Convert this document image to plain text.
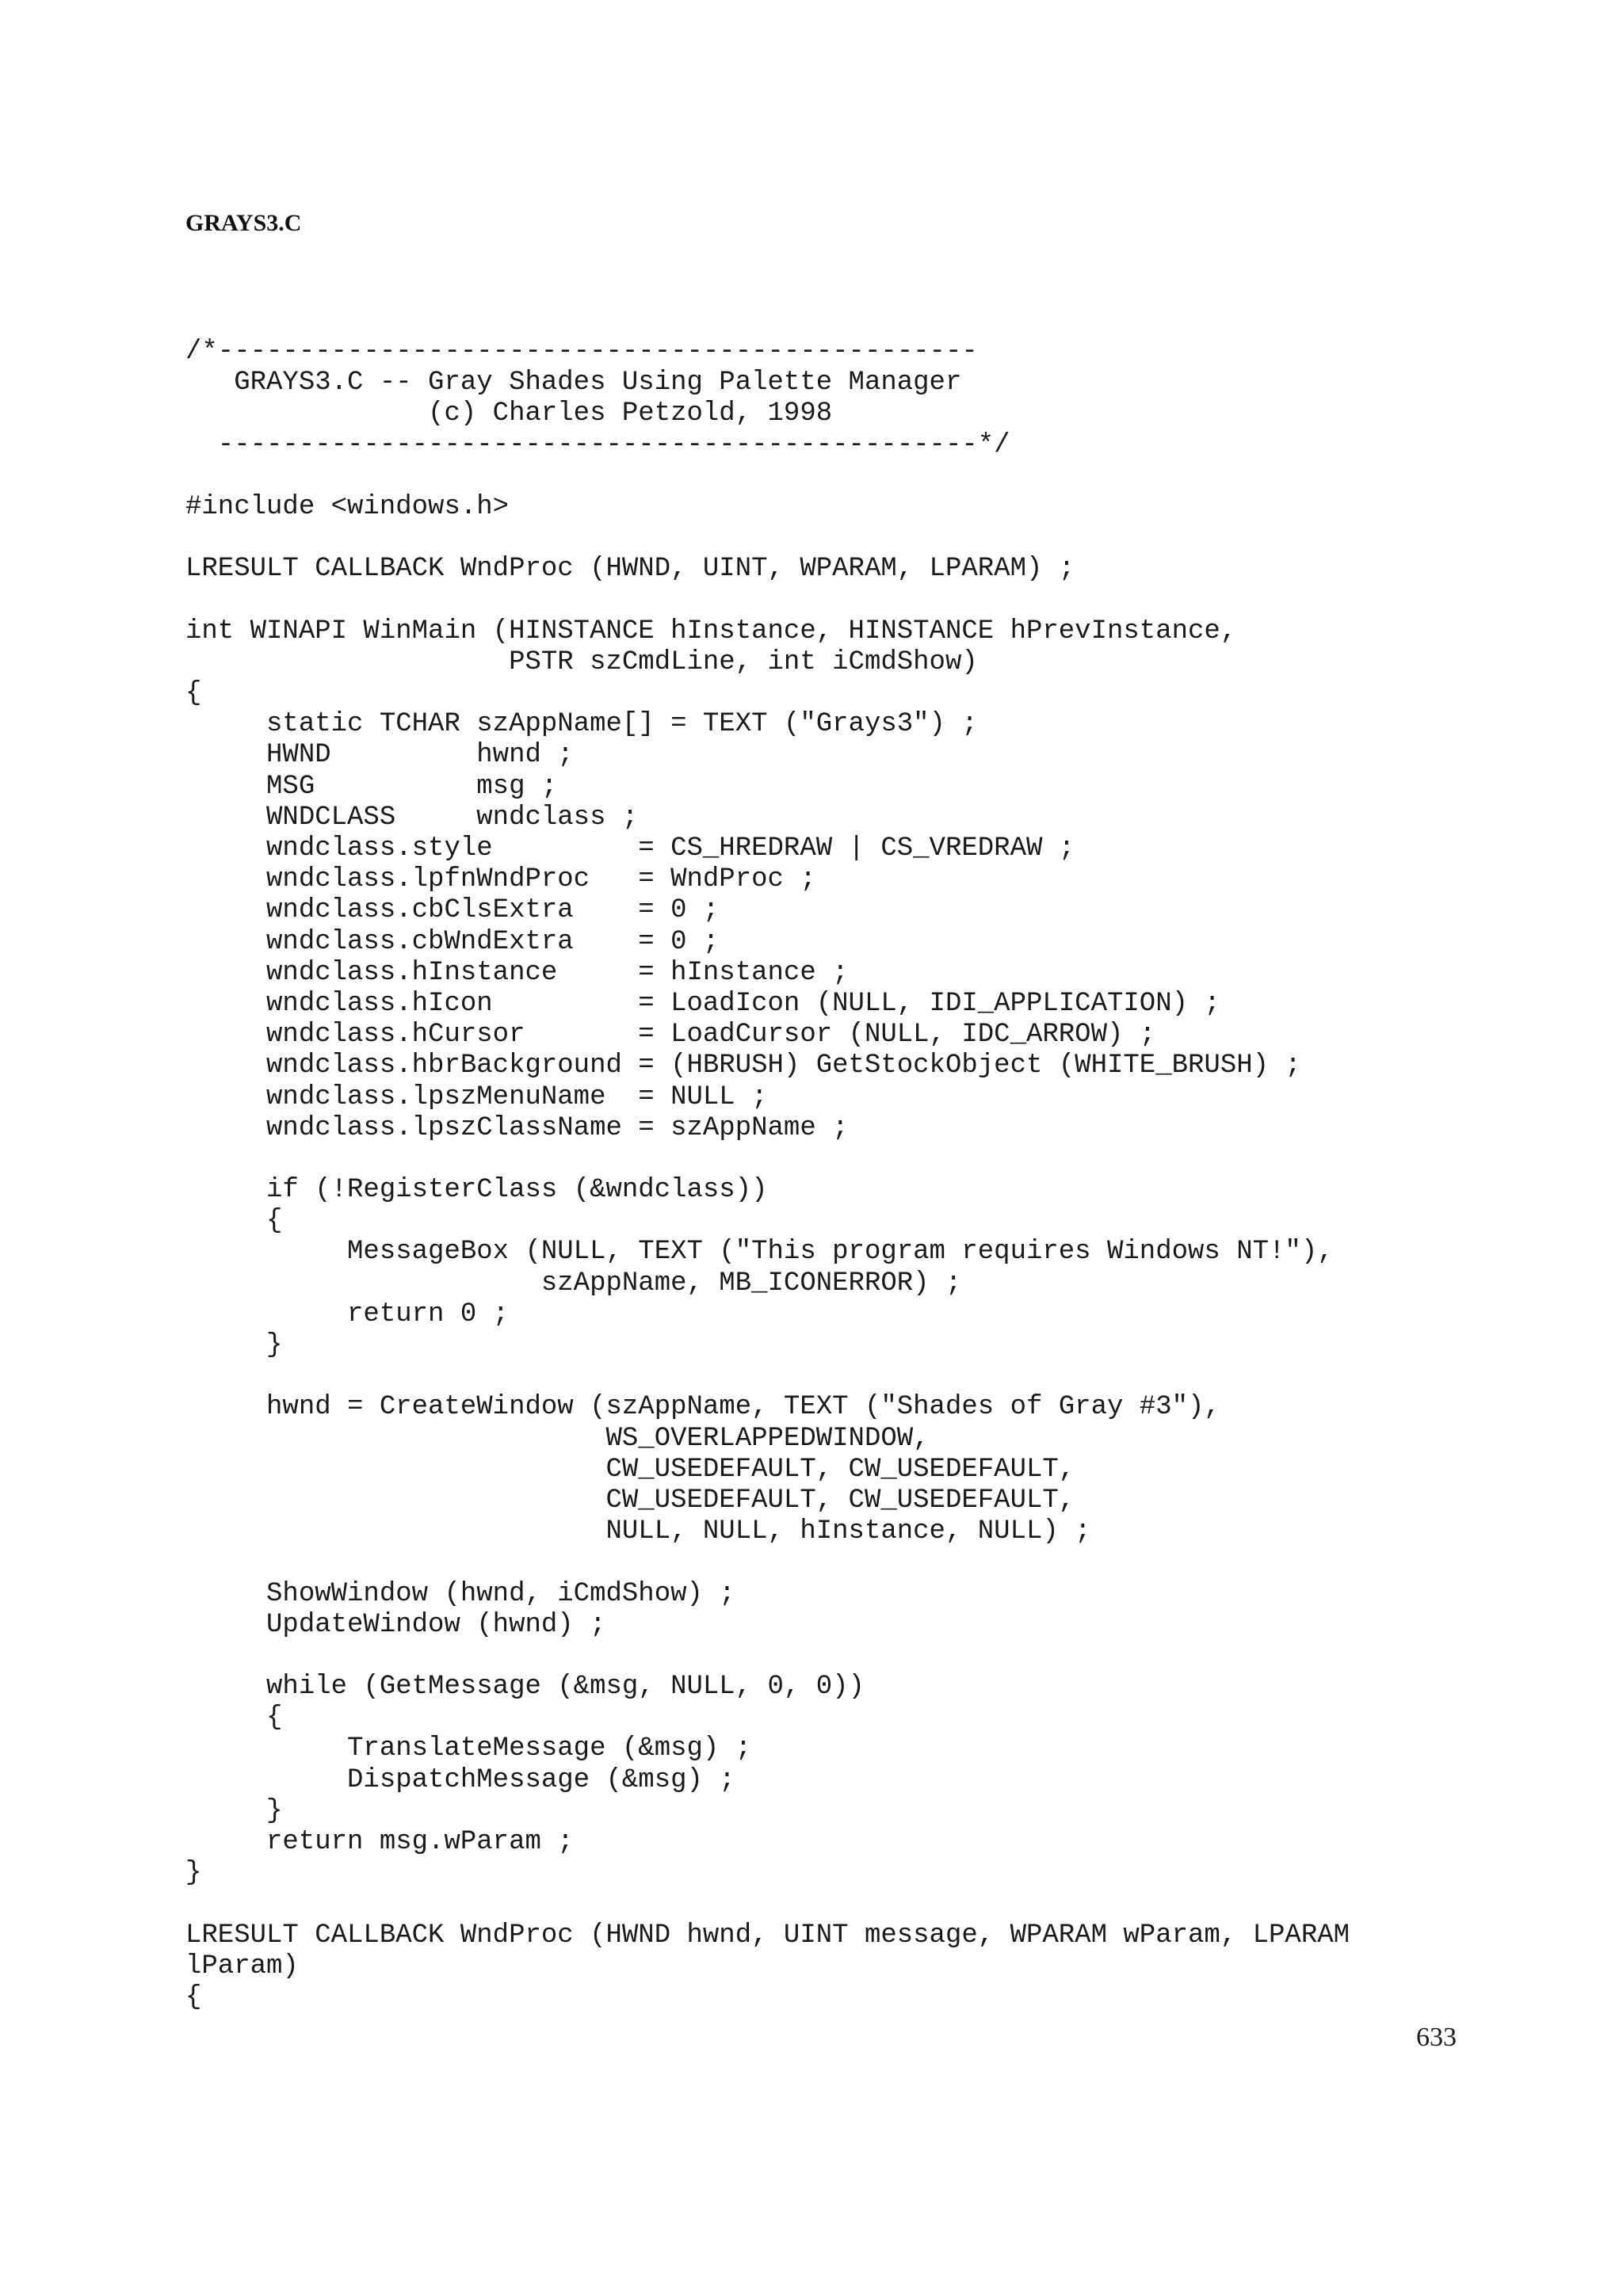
GRAYS3.C
/*-----------------------------------------------
GRAYS3.C -- Gray Shades Using Palette Manager
(c) Charles Petzold, 1998
-----------------------------------------------*/
#include <windows.h>
LRESULT CALLBACK WndProc (HWND, UINT, WPARAM, LPARAM) ;
int WINAPI WinMain (HINSTANCE hInstance, HINSTANCE hPrevInstance,
PSTR szCmdLine, int iCmdShow)
{
static TCHAR szAppName[] = TEXT ("Grays3") ;
HWND         hwnd ;
MSG          msg ;
WNDCLASS     wndclass ;
wndclass.style         = CS_HREDRAW | CS_VREDRAW ;
wndclass.lpfnWndProc   = WndProc ;
wndclass.cbClsExtra    = 0 ;
wndclass.cbWndExtra    = 0 ;
wndclass.hInstance     = hInstance ;
wndclass.hIcon         = LoadIcon (NULL, IDI_APPLICATION) ;
wndclass.hCursor       = LoadCursor (NULL, IDC_ARROW) ;
wndclass.hbrBackground = (HBRUSH) GetStockObject (WHITE_BRUSH) ;
wndclass.lpszMenuName  = NULL ;
wndclass.lpszClassName = szAppName ;
if (!RegisterClass (&wndclass))
{
MessageBox (NULL, TEXT ("This program requires Windows NT!"),
szAppName, MB_ICONERROR) ;
return 0 ;
}
hwnd = CreateWindow (szAppName, TEXT ("Shades of Gray #3"),
WS_OVERLAPPEDWINDOW,
CW_USEDEFAULT, CW_USEDEFAULT,
CW_USEDEFAULT, CW_USEDEFAULT,
NULL, NULL, hInstance, NULL) ;
ShowWindow (hwnd, iCmdShow) ;
UpdateWindow (hwnd) ;
while (GetMessage (&msg, NULL, 0, 0))
{
TranslateMessage (&msg) ;
DispatchMessage (&msg) ;
}
return msg.wParam ;
}
LRESULT CALLBACK WndProc (HWND hwnd, UINT message, WPARAM wParam, LPARAM
lParam)
{
633
